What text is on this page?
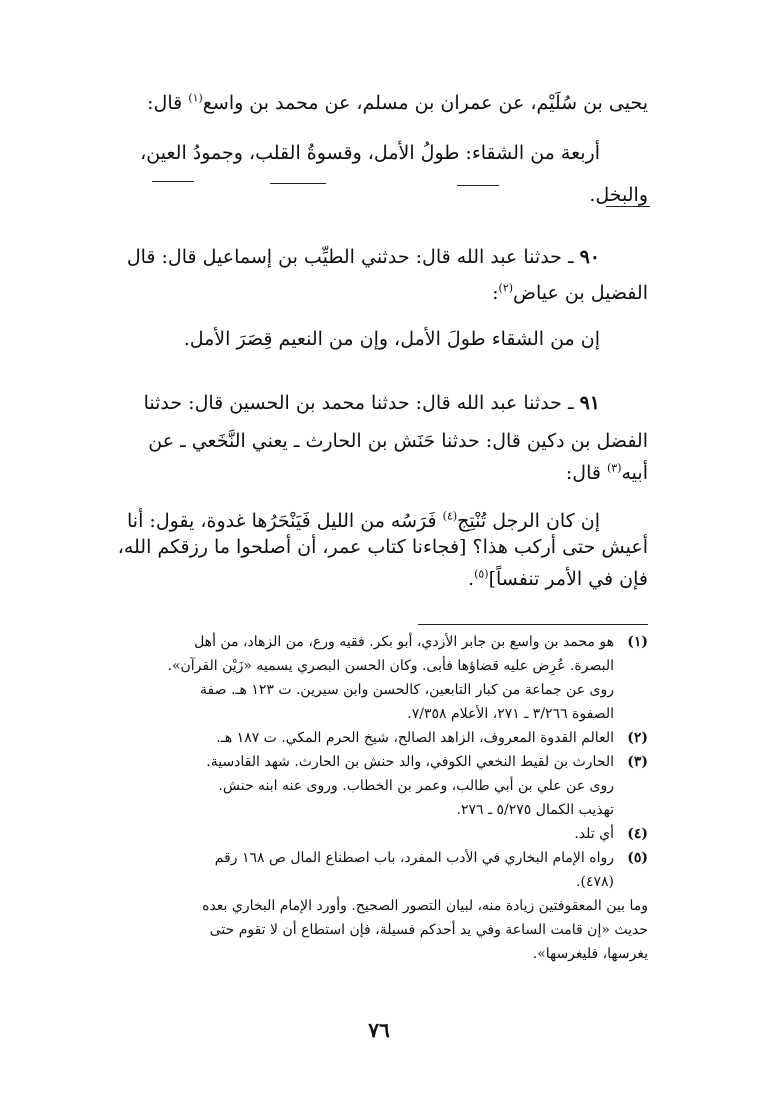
يحيى بن سُلَيْم، عن عمران بن مسلم، عن محمد بن واسع$^{(١)}$ قال:
أربعة من الشقاء: طولُ الأمل، وقسوةُ القلب، وجمودُ العين،
والبخل.
٩٠ ـ حدثنا عبد الله قال: حدثني الطيِّب بن إسماعيل قال: قال
الفضيل بن عياض$^{(٢)}$:
إن من الشقاء طولَ الأمل، وإن من النعيم قِصَرَ الأمل.
٩١ ـ حدثنا عبد الله قال: حدثنا محمد بن الحسين قال: حدثنا
الفضل بن دكين قال: حدثنا حَنَش بن الحارث ـ يعني النَّخَعي ـ عن
أبيه$^{(٣)}$ قال:
إن كان الرجل تُنْتِج$^{(٤)}$ فَرَسُه من الليل فَيَنْحَرُها غدوة، يقول: أنا
أعيش حتى أركب هذا؟ [فجاءنا كتاب عمر، أن أصلحوا ما رزقكم الله،
فإن في الأمر تنفساً]$^{(٥)}$.
(١)
هو محمد بن واسع بن جابر الأزدي، أبو بكر. فقيه ورع، من الزهاد، من أهل
البصرة. عُرِض عليه قضاؤها فأبى. وكان الحسن البصري يسميه «زَيْن القرآن».
روى عن جماعة من كبار التابعين، كالحسن وابن سيرين. ت ١٢٣ هـ. صفة
الصفوة ٣/٢٦٦ ـ ٢٧١، الأعلام ٧/٣٥٨.
(٢)
العالم القدوة المعروف، الزاهد الصالح، شيخ الحرم المكي. ت ١٨٧ هـ.
(٣)
الحارث بن لقيط النخعي الكوفي، والد حنش بن الحارث. شهد القادسية.
روى عن علي بن أبي طالب، وعمر بن الخطاب. وروى عنه ابنه حنش.
تهذيب الكمال ٥/٢٧٥ ـ ٢٧٦.
(٤)
أي تلد.
(٥)
رواه الإمام البخاري في الأدب المفرد، باب اصطناع المال ص ١٦٨ رقم
(٤٧٨).
وما بين المعقوفتين زيادة منه، لبيان التصور الصحيح. وأورد الإمام البخاري بعده
حديث «إن قامت الساعة وفي يد أحدكم فسيلة، فإن استطاع أن لا تقوم حتى
يغرسها، فليغرسها».
٧٦
